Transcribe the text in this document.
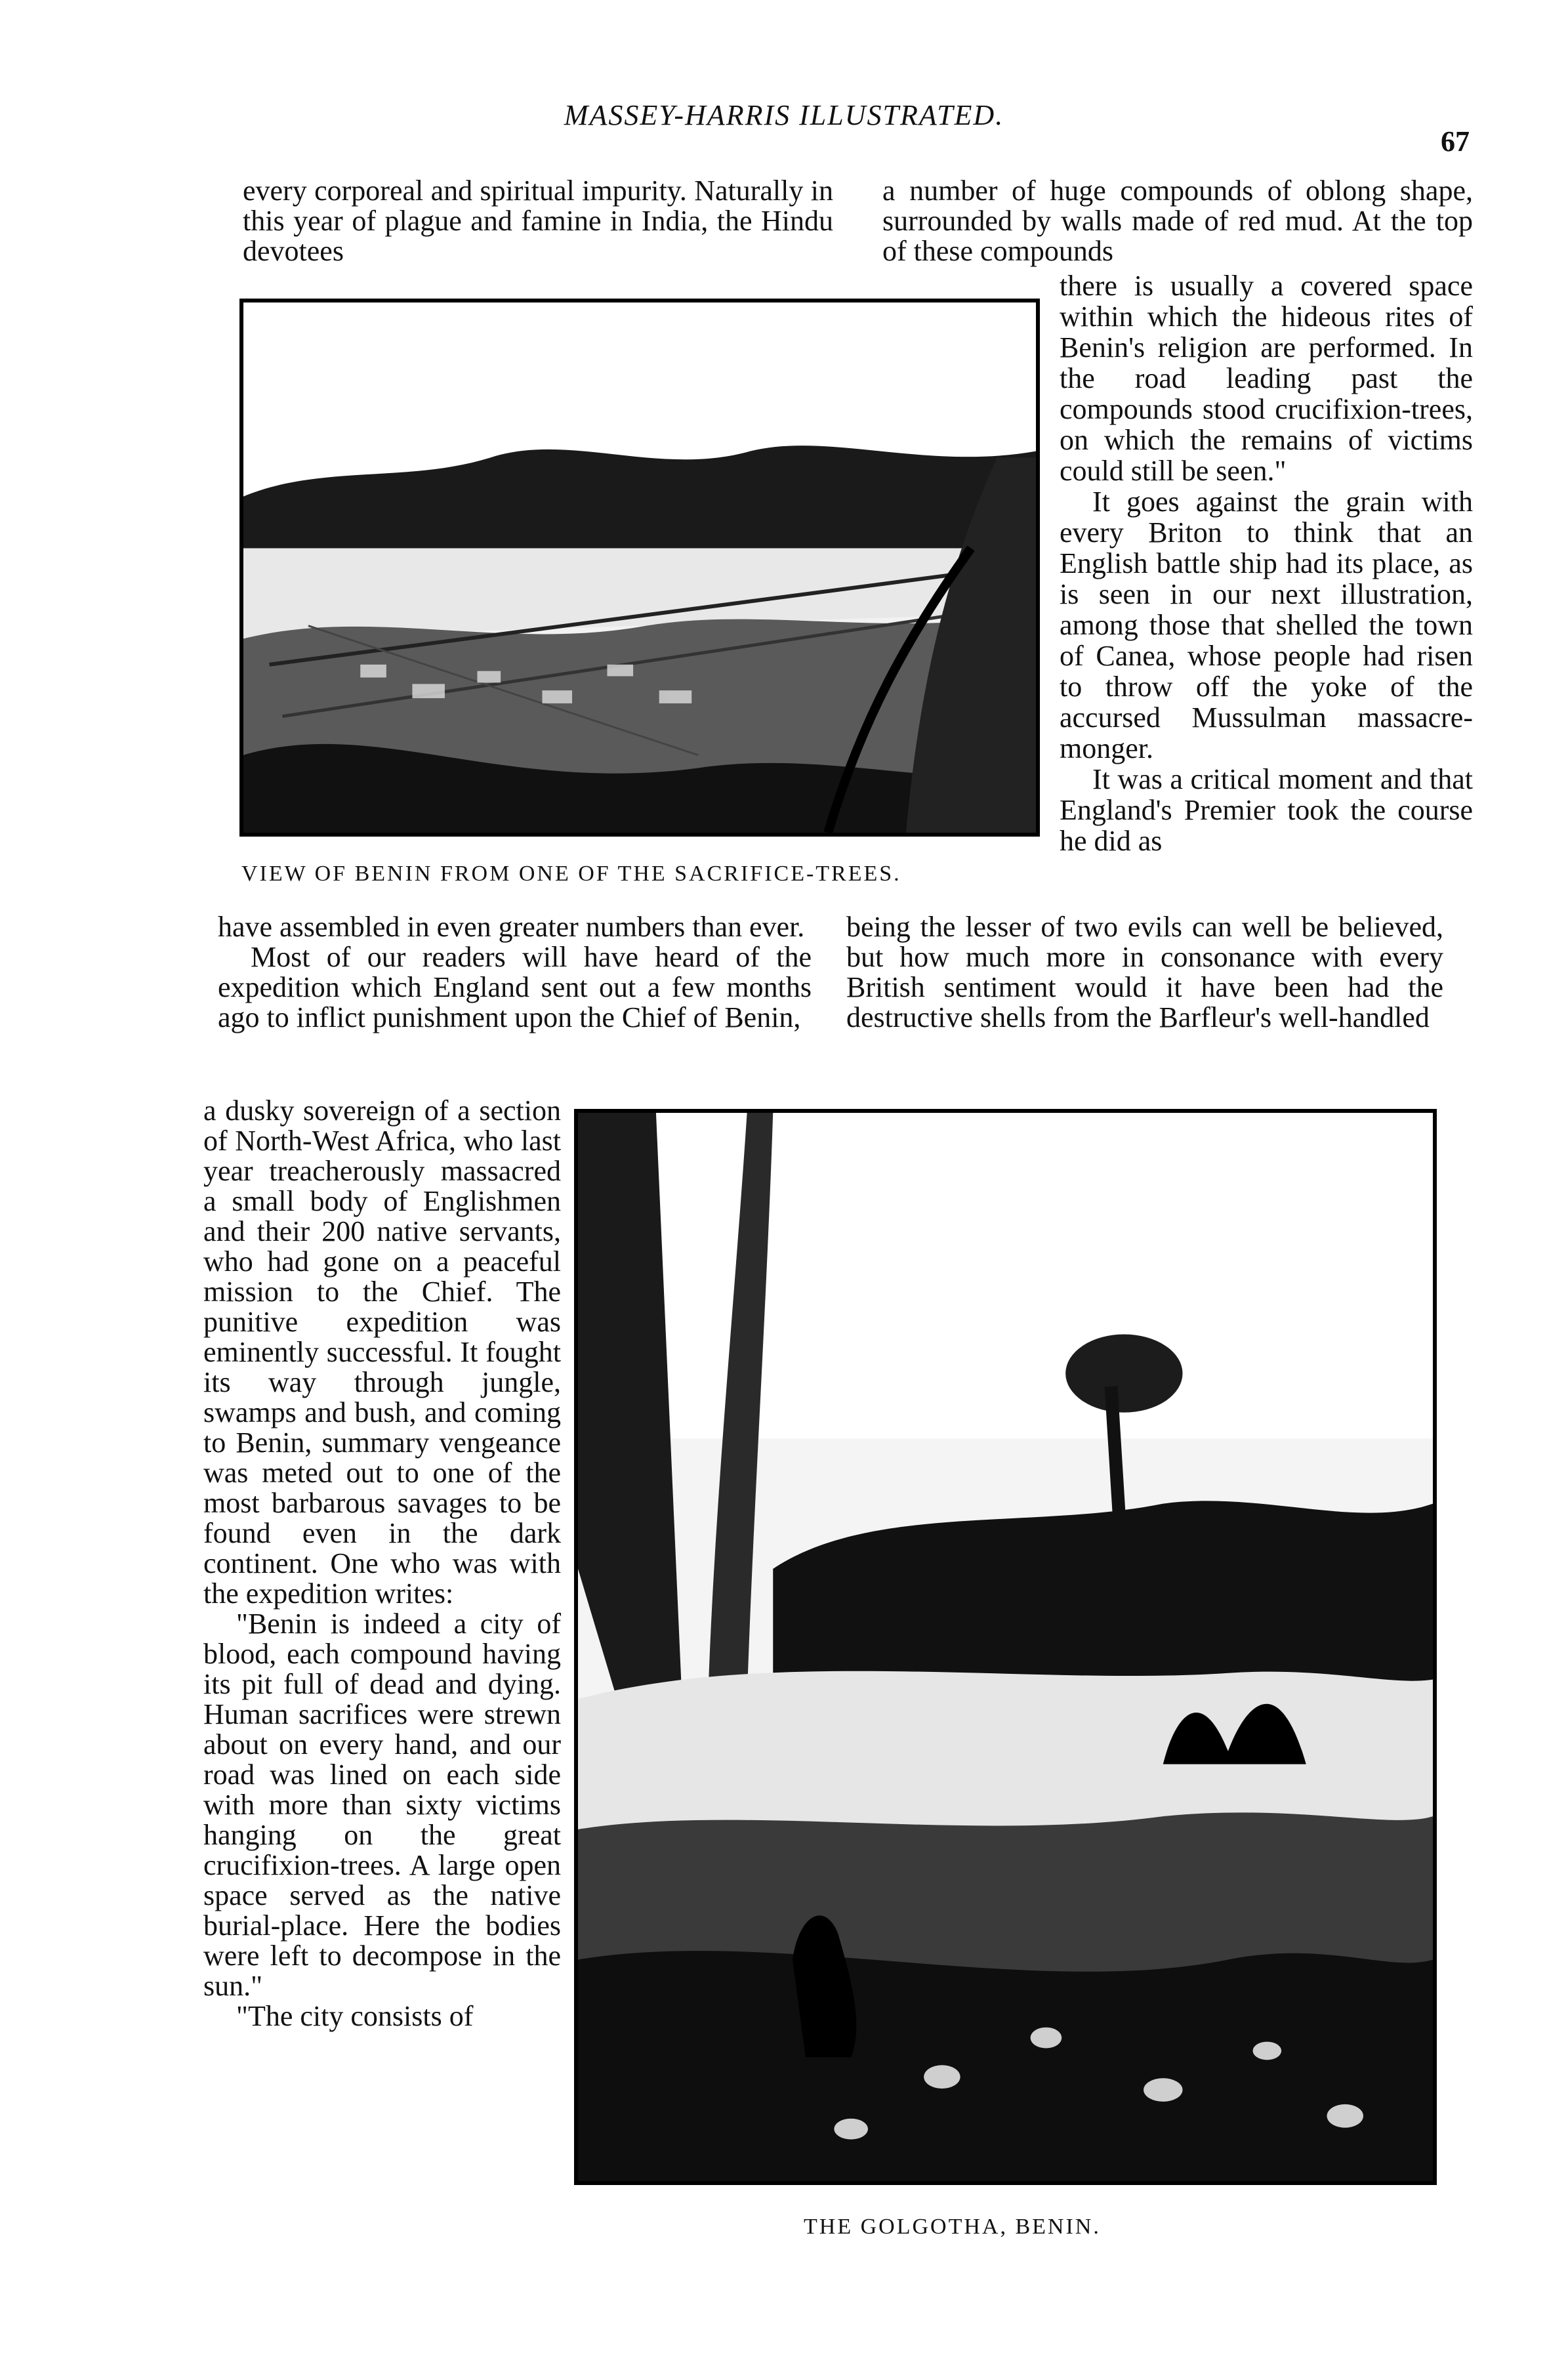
MASSEY-HARRIS ILLUSTRATED.
67

every corporeal and spiritual impurity. Naturally in this year of plague and famine in India, the Hindu devotees

a number of huge compounds of oblong shape, surrounded by walls made of red mud. At the top of these compounds

VIEW OF BENIN FROM ONE OF THE SACRIFICE-TREES.

there is usually a covered space within which the hideous rites of Benin's religion are performed. In the road leading past the compounds stood crucifixion-trees, on which the remains of victims could still be seen."

It goes against the grain with every Briton to think that an English battle ship had its place, as is seen in our next illustration, among those that shelled the town of Canea, whose people had risen to throw off the yoke of the accursed Mussulman massacre-monger.

It was a critical moment and that England's Premier took the course he did as

have assembled in even greater numbers than ever.

Most of our readers will have heard of the expedition which England sent out a few months ago to inflict punishment upon the Chief of Benin,

being the lesser of two evils can well be believed, but how much more in consonance with every British sentiment would it have been had the destructive shells from the Barfleur's well-handled

a dusky sovereign of a section of North-West Africa, who last year treacherously massacred a small body of Englishmen and their 200 native servants, who had gone on a peaceful mission to the Chief. The punitive expedition was eminently successful. It fought its way through jungle, swamps and bush, and coming to Benin, summary vengeance was meted out to one of the most barbarous savages to be found even in the dark continent. One who was with the expedition writes:

"Benin is indeed a city of blood, each compound having its pit full of dead and dying. Human sacrifices were strewn about on every hand, and our road was lined on each side with more than sixty victims hanging on the great crucifixion-trees. A large open space served as the native burial-place. Here the bodies were left to decompose in the sun."

"The city consists of

THE GOLGOTHA, BENIN.
